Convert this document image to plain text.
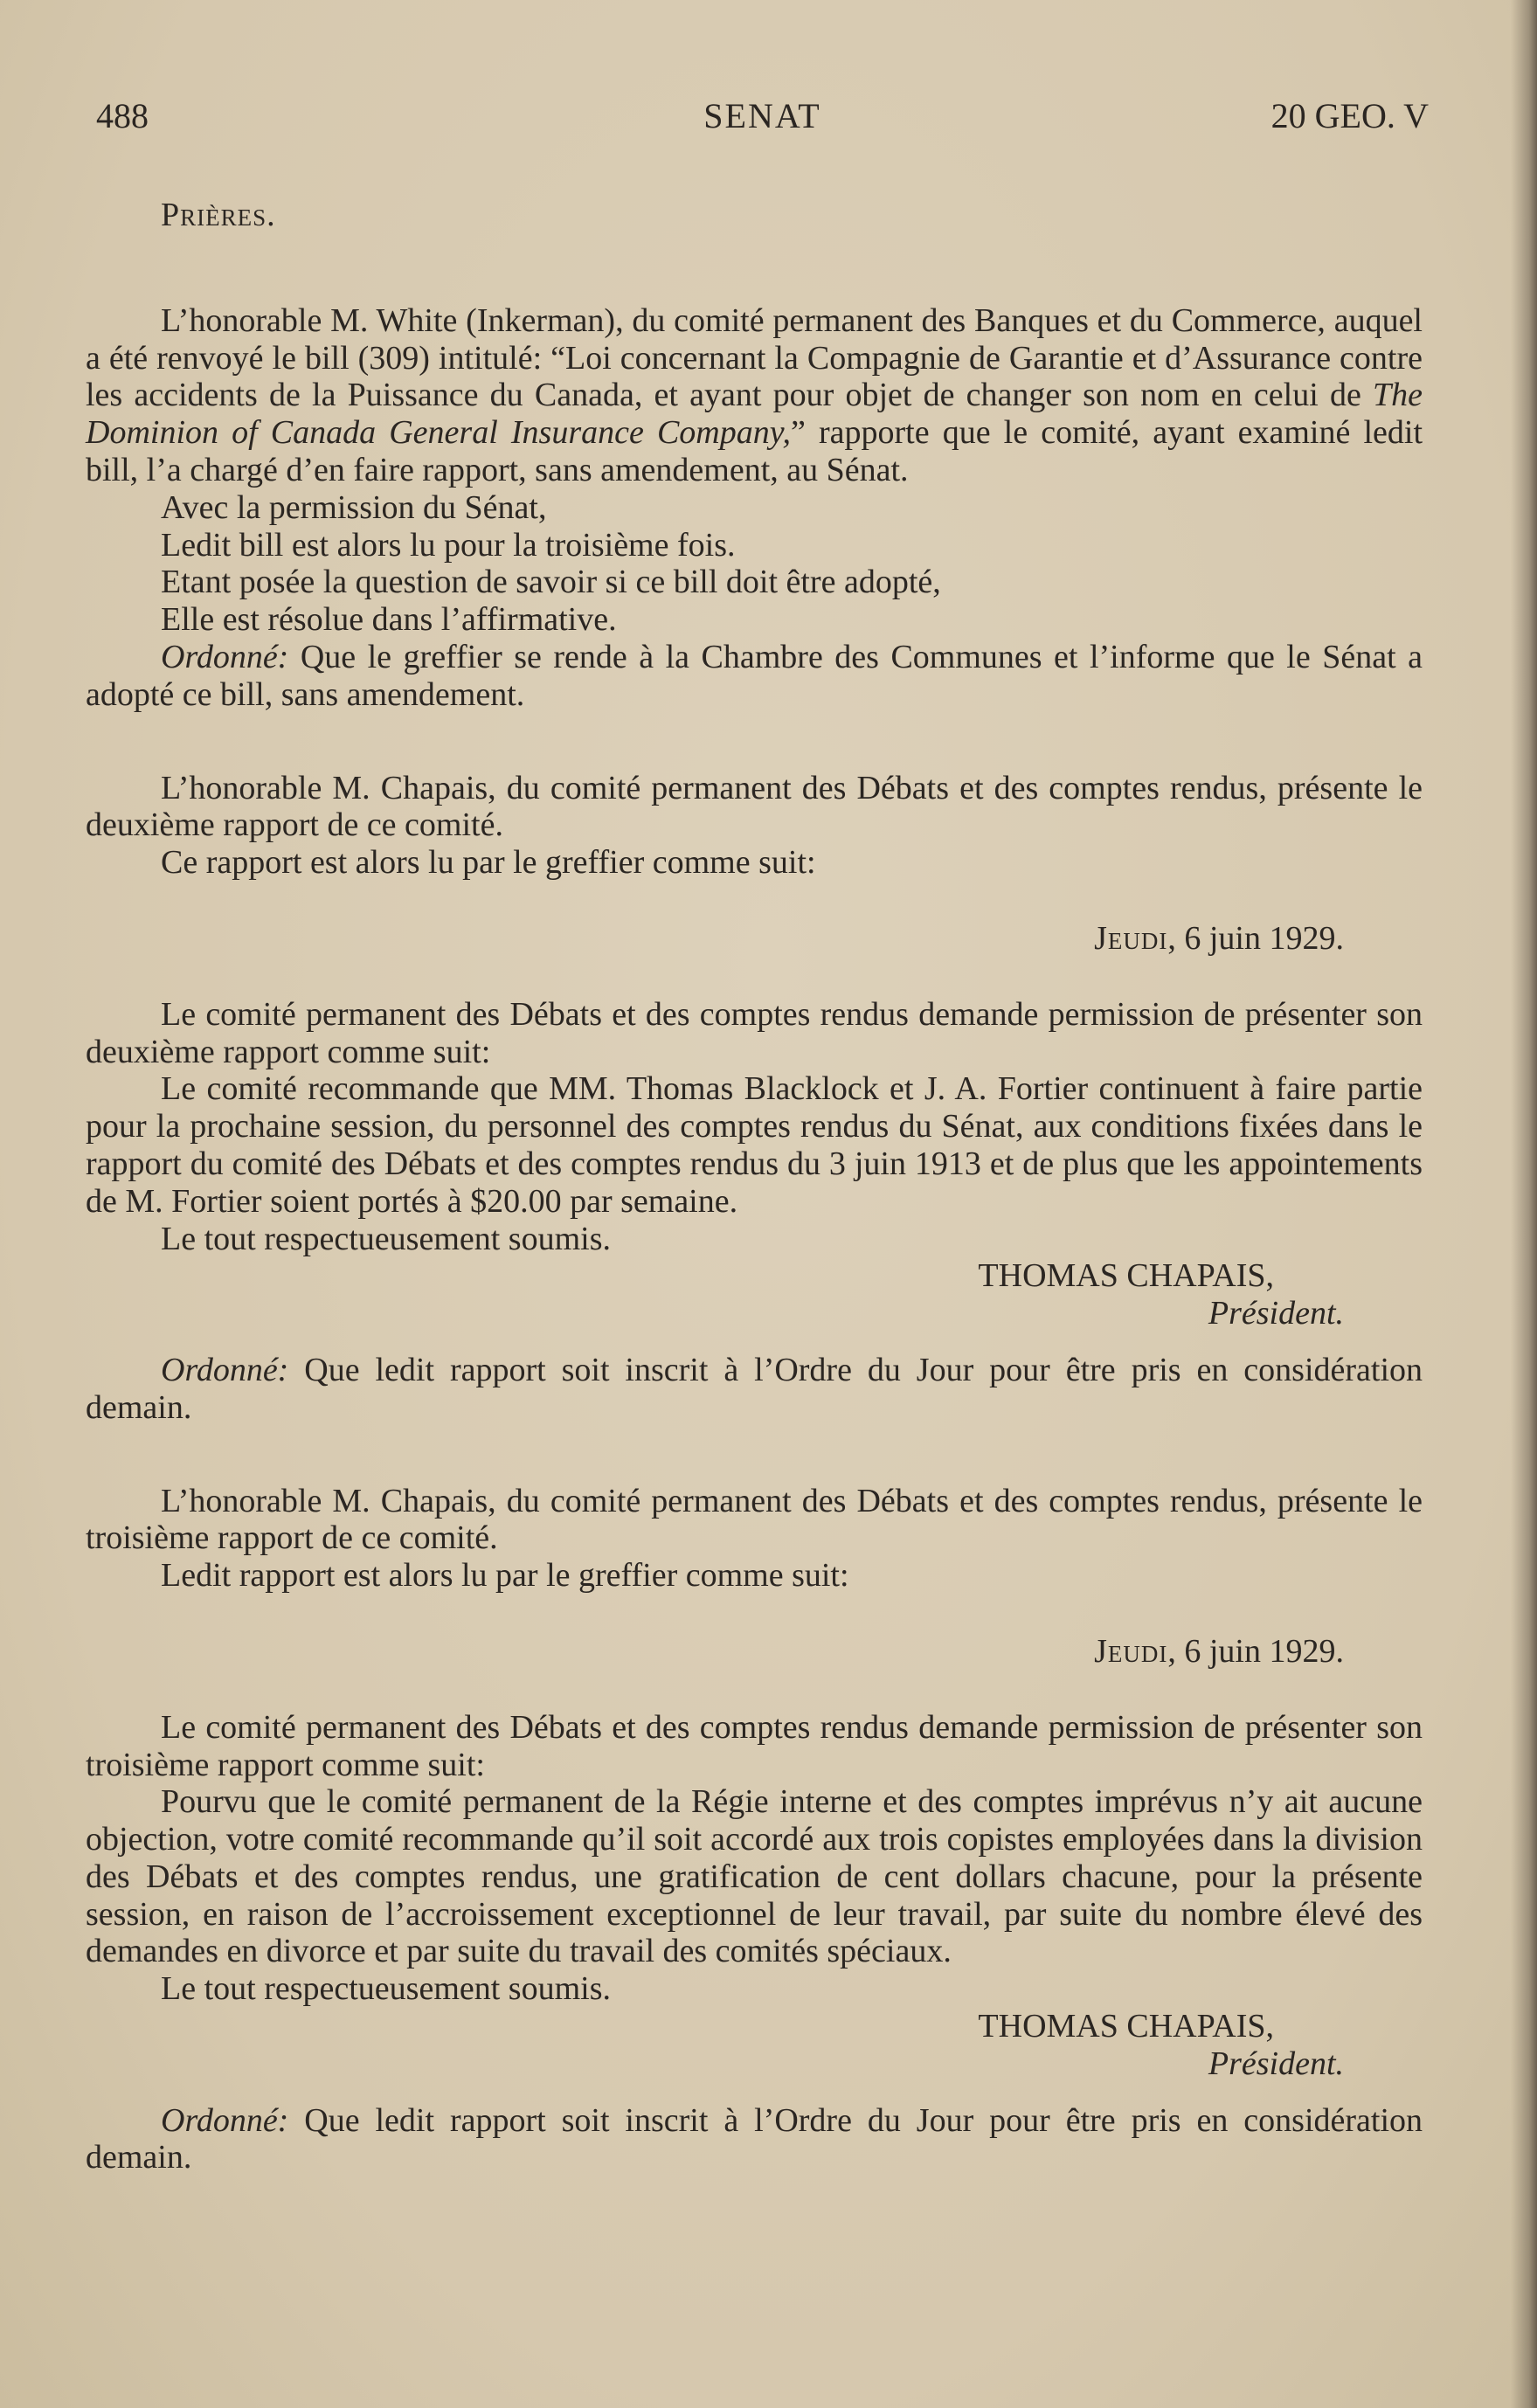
488	SENAT	20 GEO. V

Prières.

L’honorable M. White (Inkerman), du comité permanent des Banques et du Commerce, auquel a été renvoyé le bill (309) intitulé: “Loi concernant la Compagnie de Garantie et d’Assurance contre les accidents de la Puissance du Canada, et ayant pour objet de changer son nom en celui de The Dominion of Canada General Insurance Company,” rapporte que le comité, ayant examiné ledit bill, l’a chargé d’en faire rapport, sans amendement, au Sénat.

Avec la permission du Sénat,

Ledit bill est alors lu pour la troisième fois.

Etant posée la question de savoir si ce bill doit être adopté,

Elle est résolue dans l’affirmative.

Ordonné: Que le greffier se rende à la Chambre des Communes et l’informe que le Sénat a adopté ce bill, sans amendement.

L’honorable M. Chapais, du comité permanent des Débats et des comptes rendus, présente le deuxième rapport de ce comité.

Ce rapport est alors lu par le greffier comme suit:

Jeudi, 6 juin 1929.

Le comité permanent des Débats et des comptes rendus demande permission de présenter son deuxième rapport comme suit:

Le comité recommande que MM. Thomas Blacklock et J. A. Fortier continuent à faire partie pour la prochaine session, du personnel des comptes rendus du Sénat, aux conditions fixées dans le rapport du comité des Débats et des comptes rendus du 3 juin 1913 et de plus que les appointements de M. Fortier soient portés à $20.00 par semaine.

Le tout respectueusement soumis.

THOMAS CHAPAIS,

Président.

Ordonné: Que ledit rapport soit inscrit à l’Ordre du Jour pour être pris en considération demain.

L’honorable M. Chapais, du comité permanent des Débats et des comptes rendus, présente le troisième rapport de ce comité.

Ledit rapport est alors lu par le greffier comme suit:

Jeudi, 6 juin 1929.

Le comité permanent des Débats et des comptes rendus demande permission de présenter son troisième rapport comme suit:

Pourvu que le comité permanent de la Régie interne et des comptes imprévus n’y ait aucune objection, votre comité recommande qu’il soit accordé aux trois copistes employées dans la division des Débats et des comptes rendus, une gratification de cent dollars chacune, pour la présente session, en raison de l’accroissement exceptionnel de leur travail, par suite du nombre élevé des demandes en divorce et par suite du travail des comités spéciaux.

Le tout respectueusement soumis.

THOMAS CHAPAIS,

Président.

Ordonné: Que ledit rapport soit inscrit à l’Ordre du Jour pour être pris en considération demain.
